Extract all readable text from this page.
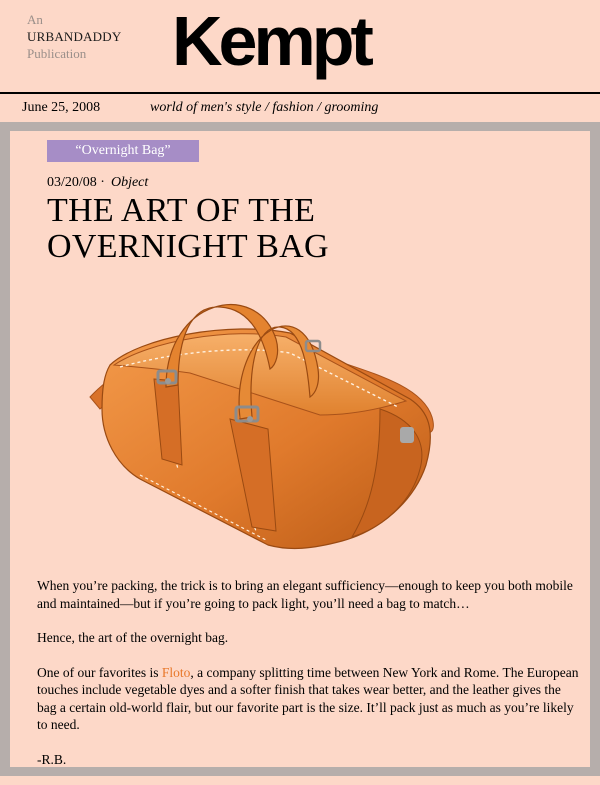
An
URBANDADDY
Publication	Kempt
June 25, 2008	world of men's style / fashion / grooming
“Overnight Bag”
03/20/08 · Object
THE ART OF THE
OVERNIGHT BAG

When you’re packing, the trick is to bring an elegant sufficiency—enough to keep you both mobile and maintained—but if you’re going to pack light, you’ll need a bag to match…

Hence, the art of the overnight bag.

One of our favorites is Floto, a company splitting time between New York and Rome. The European touches include vegetable dyes and a softer finish that takes wear better, and the leather gives the bag a certain old-world flair, but our favorite part is the size. It’ll pack just as much as you’re likely to need.

-R.B.
